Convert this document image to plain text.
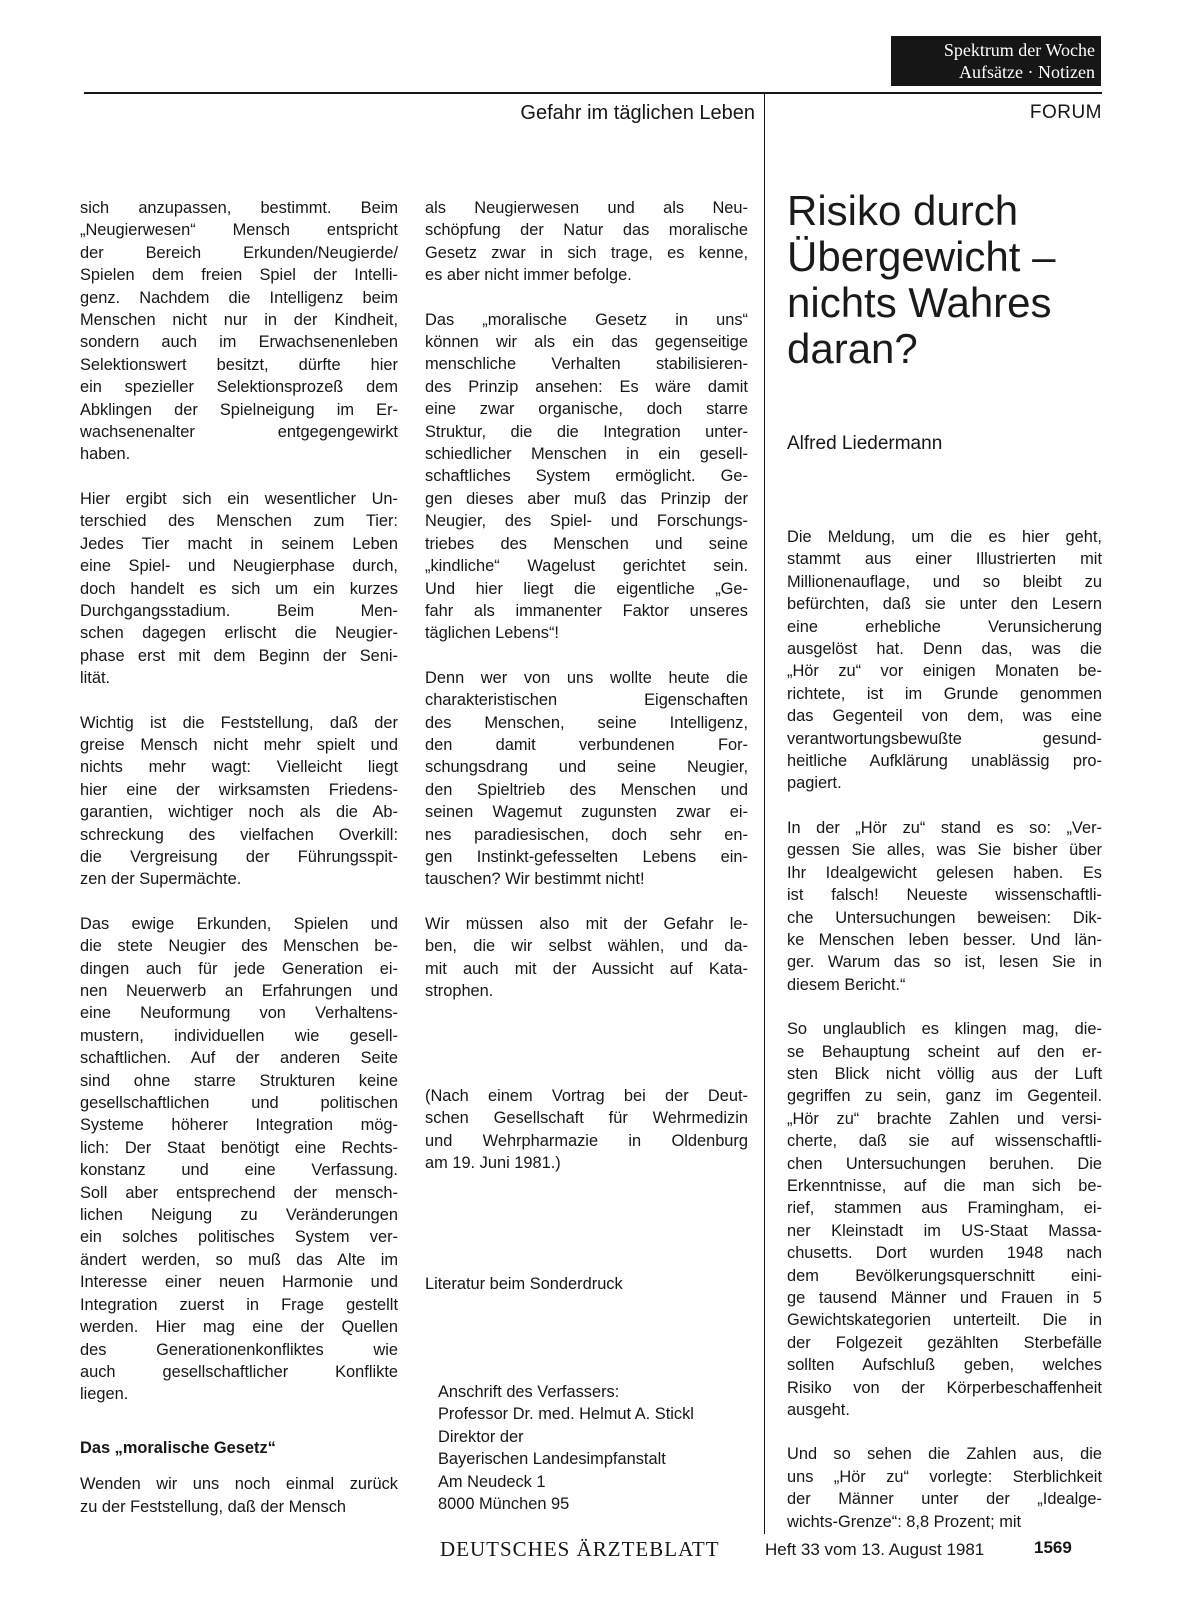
Spektrum der Woche
Aufsätze · Notizen
Gefahr im täglichen Leben	FORUM

sich anzupassen, bestimmt. Beim
„Neugierwesen“ Mensch entspricht
der Bereich Erkunden/Neugierde/
Spielen dem freien Spiel der Intelli-
genz. Nachdem die Intelligenz beim
Menschen nicht nur in der Kindheit,
sondern auch im Erwachsenenleben
Selektionswert besitzt, dürfte hier
ein spezieller Selektionsprozeß dem
Abklingen der Spielneigung im Er-
wachsenenalter entgegengewirkt
haben.

Hier ergibt sich ein wesentlicher Un-
terschied des Menschen zum Tier:
Jedes Tier macht in seinem Leben
eine Spiel- und Neugierphase durch,
doch handelt es sich um ein kurzes
Durchgangsstadium. Beim Men-
schen dagegen erlischt die Neugier-
phase erst mit dem Beginn der Seni-
lität.

Wichtig ist die Feststellung, daß der
greise Mensch nicht mehr spielt und
nichts mehr wagt: Vielleicht liegt
hier eine der wirksamsten Friedens-
garantien, wichtiger noch als die Ab-
schreckung des vielfachen Overkill:
die Vergreisung der Führungsspit-
zen der Supermächte.

Das ewige Erkunden, Spielen und
die stete Neugier des Menschen be-
dingen auch für jede Generation ei-
nen Neuerwerb an Erfahrungen und
eine Neuformung von Verhaltens-
mustern, individuellen wie gesell-
schaftlichen. Auf der anderen Seite
sind ohne starre Strukturen keine
gesellschaftlichen und politischen
Systeme höherer Integration mög-
lich: Der Staat benötigt eine Rechts-
konstanz und eine Verfassung.
Soll aber entsprechend der mensch-
lichen Neigung zu Veränderungen
ein solches politisches System ver-
ändert werden, so muß das Alte im
Interesse einer neuen Harmonie und
Integration zuerst in Frage gestellt
werden. Hier mag eine der Quellen
des Generationenkonfliktes wie
auch gesellschaftlicher Konflikte
liegen.

Das „moralische Gesetz“

Wenden wir uns noch einmal zurück
zu der Feststellung, daß der Mensch

als Neugierwesen und als Neu-
schöpfung der Natur das moralische
Gesetz zwar in sich trage, es kenne,
es aber nicht immer befolge.

Das „moralische Gesetz in uns“
können wir als ein das gegenseitige
menschliche Verhalten stabilisieren-
des Prinzip ansehen: Es wäre damit
eine zwar organische, doch starre
Struktur, die die Integration unter-
schiedlicher Menschen in ein gesell-
schaftliches System ermöglicht. Ge-
gen dieses aber muß das Prinzip der
Neugier, des Spiel- und Forschungs-
triebes des Menschen und seine
„kindliche“ Wagelust gerichtet sein.
Und hier liegt die eigentliche „Ge-
fahr als immanenter Faktor unseres
täglichen Lebens“!

Denn wer von uns wollte heute die
charakteristischen Eigenschaften
des Menschen, seine Intelligenz,
den damit verbundenen For-
schungsdrang und seine Neugier,
den Spieltrieb des Menschen und
seinen Wagemut zugunsten zwar ei-
nes paradiesischen, doch sehr en-
gen Instinkt-gefesselten Lebens ein-
tauschen? Wir bestimmt nicht!

Wir müssen also mit der Gefahr le-
ben, die wir selbst wählen, und da-
mit auch mit der Aussicht auf Kata-
strophen.

(Nach einem Vortrag bei der Deut-
schen Gesellschaft für Wehrmedizin
und Wehrpharmazie in Oldenburg
am 19. Juni 1981.)
Literatur beim Sonderdruck
Anschrift des Verfassers:
Professor Dr. med. Helmut A. Stickl
Direktor der
Bayerischen Landesimpfanstalt
Am Neudeck 1
8000 München 95
Risiko durch
Übergewicht –
nichts Wahres
daran?
Alfred Liedermann

Die Meldung, um die es hier geht,
stammt aus einer Illustrierten mit
Millionenauflage, und so bleibt zu
befürchten, daß sie unter den Lesern
eine erhebliche Verunsicherung
ausgelöst hat. Denn das, was die
„Hör zu“ vor einigen Monaten be-
richtete, ist im Grunde genommen
das Gegenteil von dem, was eine
verantwortungsbewußte gesund-
heitliche Aufklärung unablässig pro-
pagiert.

In der „Hör zu“ stand es so: „Ver-
gessen Sie alles, was Sie bisher über
Ihr Idealgewicht gelesen haben. Es
ist falsch! Neueste wissenschaftli-
che Untersuchungen beweisen: Dik-
ke Menschen leben besser. Und län-
ger. Warum das so ist, lesen Sie in
diesem Bericht.“

So unglaublich es klingen mag, die-
se Behauptung scheint auf den er-
sten Blick nicht völlig aus der Luft
gegriffen zu sein, ganz im Gegenteil.
„Hör zu“ brachte Zahlen und versi-
cherte, daß sie auf wissenschaftli-
chen Untersuchungen beruhen. Die
Erkenntnisse, auf die man sich be-
rief, stammen aus Framingham, ei-
ner Kleinstadt im US-Staat Massa-
chusetts. Dort wurden 1948 nach
dem Bevölkerungsquerschnitt eini-
ge tausend Männer und Frauen in 5
Gewichtskategorien unterteilt. Die in
der Folgezeit gezählten Sterbefälle
sollten Aufschluß geben, welches
Risiko von der Körperbeschaffenheit
ausgeht.

Und so sehen die Zahlen aus, die
uns „Hör zu“ vorlegte: Sterblichkeit
der Männer unter der „Idealge-
wichts-Grenze“: 8,8 Prozent; mit

DEUTSCHES ÄRZTEBLATT	Heft 33 vom 13. August 1981	1569
